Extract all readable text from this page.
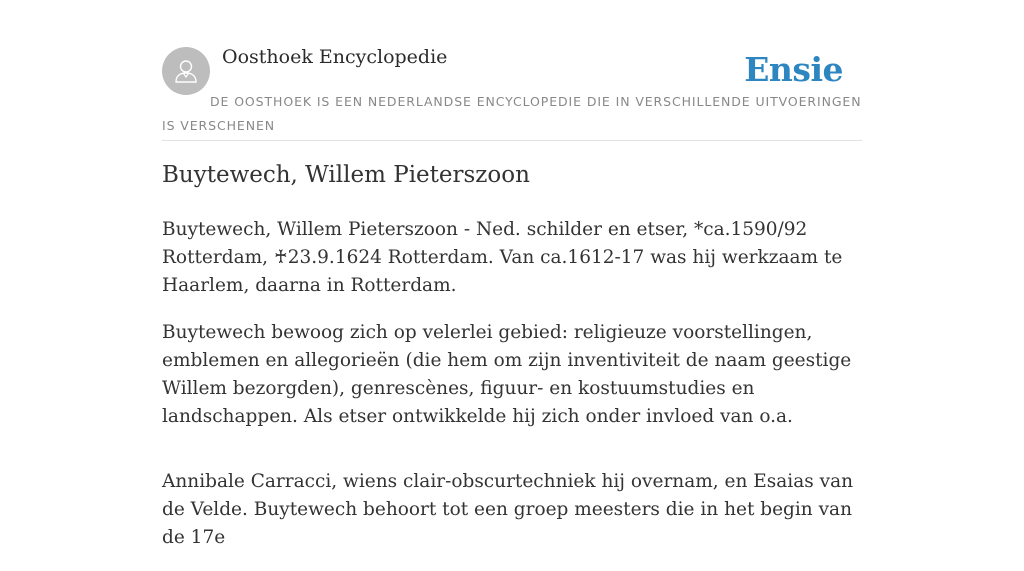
Oosthoek Encyclopedie	Ensie
DE OOSTHOEK IS EEN NEDERLANDSE ENCYCLOPEDIE DIE IN VERSCHILLENDE UITVOERINGEN IS VERSCHENEN
Buytewech, Willem Pieterszoon

Buytewech, Willem Pieterszoon - Ned. schilder en etser, *ca.1590/92 Rotterdam, ♰23.9.1624 Rotterdam. Van ca.1612-17 was hij werkzaam te Haarlem, daarna in Rotterdam.

Buytewech bewoog zich op velerlei gebied: religieuze voorstellingen, emblemen en allegorieën (die hem om zijn inventiviteit de naam geestige Willem bezorgden), genrescènes, figuur- en kostuumstudies en landschappen. Als etser ontwikkelde hij zich onder invloed van o.a.

Annibale Carracci, wiens clair-obscurtechniek hij overnam, en Esaias van de Velde. Buytewech behoort tot een groep meesters die in het begin van de 17e
